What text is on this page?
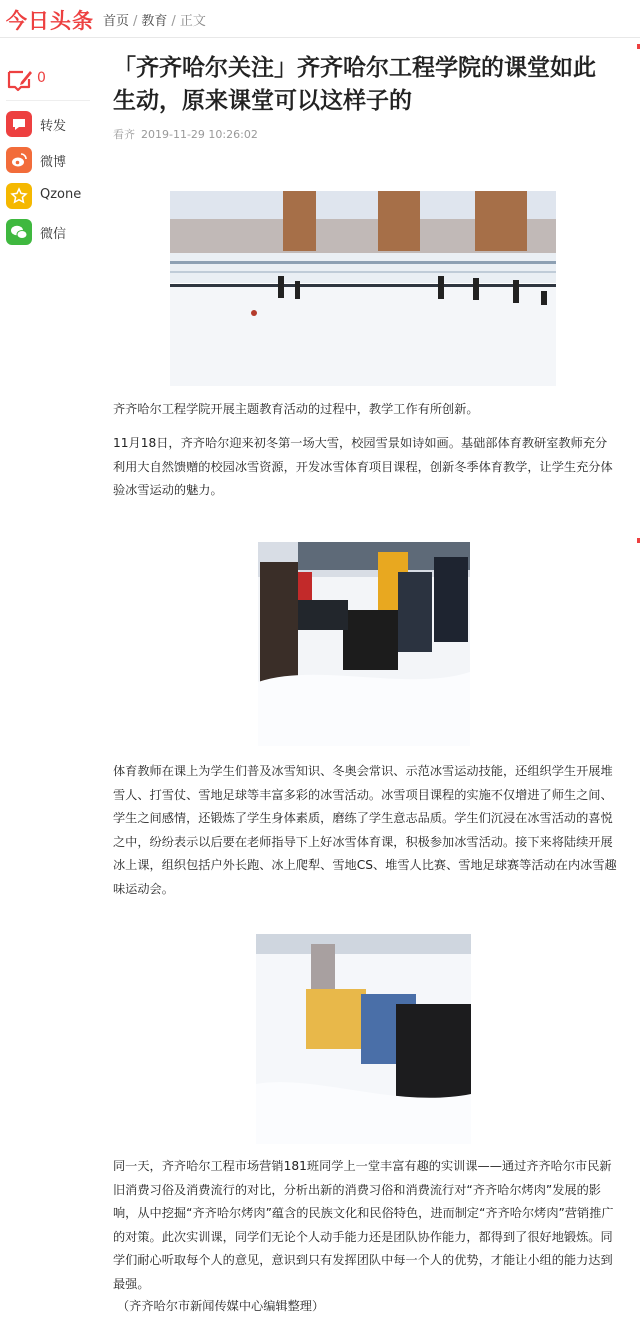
今日头条 首页 / 教育 / 正文
0
转发
微博
Qzone
微信
「齐齐哈尔关注」齐齐哈尔工程学院的课堂如此生动，原来课堂可以这样子的
看齐 2019-11-29 10:26:02

齐齐哈尔工程学院开展主题教育活动的过程中，教学工作有所创新。

11月18日，齐齐哈尔迎来初冬第一场大雪，校园雪景如诗如画。基础部体育教研室教师充分利用大自然馈赠的校园冰雪资源，开发冰雪体育项目课程，创新冬季体育教学，让学生充分体验冰雪运动的魅力。

体育教师在课上为学生们普及冰雪知识、冬奥会常识、示范冰雪运动技能，还组织学生开展堆雪人、打雪仗、雪地足球等丰富多彩的冰雪活动。冰雪项目课程的实施不仅增进了师生之间、学生之间感情，还锻炼了学生身体素质，磨练了学生意志品质。学生们沉浸在冰雪活动的喜悦之中，纷纷表示以后要在老师指导下上好冰雪体育课，积极参加冰雪活动。接下来将陆续开展冰上课，组织包括户外长跑、冰上爬犁、雪地CS、堆雪人比赛、雪地足球赛等活动在内冰雪趣味运动会。

同一天，齐齐哈尔工程市场营销181班同学上一堂丰富有趣的实训课——通过齐齐哈尔市民新旧消费习俗及消费流行的对比，分析出新的消费习俗和消费流行对“齐齐哈尔烤肉”发展的影响，从中挖掘“齐齐哈尔烤肉”蕴含的民族文化和民俗特色，进而制定“齐齐哈尔烤肉”营销推广的对策。此次实训课，同学们无论个人动手能力还是团队协作能力，都得到了很好地锻炼。同学们耐心听取每个人的意见，意识到只有发挥团队中每一个人的优势，才能让小组的能力达到最强。

（齐齐哈尔市新闻传媒中心编辑整理）
